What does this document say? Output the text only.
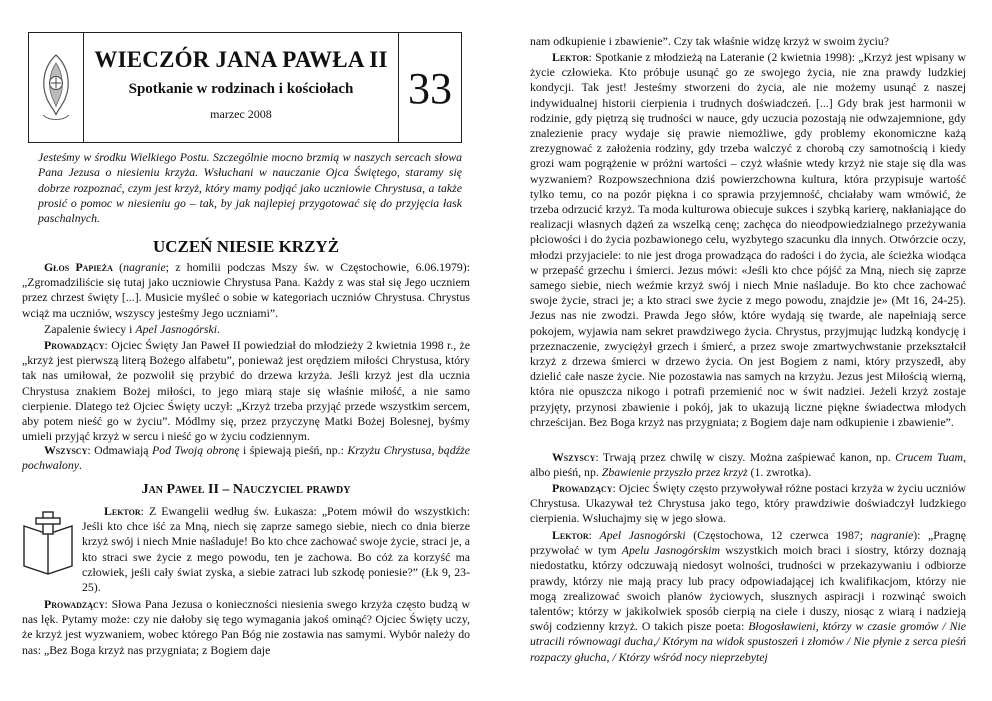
WIECZÓR JANA PAWŁA II
Spotkanie w rodzinach i kościołach
marzec 2008
33
Jesteśmy w środku Wielkiego Postu. Szczególnie mocno brzmią w naszych sercach słowa Pana Jezusa o niesieniu krzyża. Wsłuchani w nauczanie Ojca Świętego, staramy się dobrze rozpoznać, czym jest krzyż, który mamy podjąć jako uczniowie Chrystusa, a także prosić o pomoc w niesieniu go – tak, by jak najlepiej przygotować się do przyjęcia łask paschalnych.
UCZEŃ NIESIE KRZYŻ
Głos Papieża (nagranie; z homilii podczas Mszy św. w Częstochowie, 6.06.1979): „Zgromadziliście się tutaj jako uczniowie Chrystusa Pana. Każdy z was stał się Jego uczniem przez chrzest święty [...]. Musicie myśleć o sobie w kategoriach uczniów Chrystusa. Chrystus wciąż ma uczniów, wszyscy jesteśmy Jego uczniami”.
Zapalenie świecy i Apel Jasnogórski.
Prowadzący: Ojciec Święty Jan Paweł II powiedział do młodzieży 2 kwietnia 1998 r., że „krzyż jest pierwszą literą Bożego alfabetu”, ponieważ jest orędziem miłości Chrystusa, który tak nas umiłował, że pozwolił się przybić do drzewa krzyża. Jeśli krzyż jest dla ucznia Chrystusa znakiem Bożej miłości, to jego miarą staje się właśnie miłość, a nie samo cierpienie. Dlatego też Ojciec Święty uczył: „Krzyż trzeba przyjąć przede wszystkim sercem, aby potem nieść go w życiu”. Módlmy się, przez przyczynę Matki Bożej Bolesnej, byśmy umieli przyjąć krzyż w sercu i nieść go w życiu codziennym.
Wszyscy: Odmawiają Pod Twoją obronę i śpiewają pieśń, np.: Krzyżu Chrystusa, bądźże pochwalony.
Jan Paweł II – Nauczyciel prawdy
Lektor: Z Ewangelii według św. Łukasza: „Potem mówił do wszystkich: Jeśli kto chce iść za Mną, niech się zaprze samego siebie, niech co dnia bierze krzyż swój i niech Mnie naśladuje! Bo kto chce zachować swoje życie, straci je, a kto straci swe życie z mego powodu, ten je zachowa. Bo cóż za korzyść ma człowiek, jeśli cały świat zyska, a siebie zatraci lub szkodę poniesie?” (Łk 9, 23-25).
Prowadzący: Słowa Pana Jezusa o konieczności niesienia swego krzyża często budzą w nas lęk. Pytamy może: czy nie dałoby się tego wymagania jakoś ominąć? Ojciec Święty uczy, że krzyż jest wyzwaniem, wobec którego Pan Bóg nie zostawia nas samymi. Wybór należy do nas: „Bez Boga krzyż nas przygniata; z Bogiem daje
nam odkupienie i zbawienie”. Czy tak właśnie widzę krzyż w swoim życiu?
Lektor: Spotkanie z młodzieżą na Lateranie (2 kwietnia 1998): „Krzyż jest wpisany w życie człowieka. Kto próbuje usunąć go ze swojego życia, nie zna prawdy ludzkiej kondycji. Tak jest! Jesteśmy stworzeni do życia, ale nie możemy usunąć z naszej indywidualnej historii cierpienia i trudnych doświadczeń. [...] Gdy brak jest harmonii w rodzinie, gdy piętrzą się trudności w nauce, gdy uczucia pozostają nie odwzajemnione, gdy znalezienie pracy wydaje się prawie niemożliwe, gdy problemy ekonomiczne każą zrezygnować z założenia rodziny, gdy trzeba walczyć z chorobą czy samotnością i kiedy grozi wam pogrążenie w próżni wartości – czyż właśnie wtedy krzyż nie staje się dla was wyzwaniem? Rozpowszechniona dziś powierzchowna kultura, która przypisuje wartość tylko temu, co na pozór piękna i co sprawia przyjemność, chciałaby wam wmówić, że trzeba odrzucić krzyż. Ta moda kulturowa obiecuje sukces i szybką karierę, nakłaniające do realizacji własnych dążeń za wszelką cenę; zachęca do nieodpowiedzialnego przeżywania płciowości i do życia pozbawionego celu, wyzbytego szacunku dla innych. Otwórzcie oczy, młodzi przyjaciele: to nie jest droga prowadząca do radości i do życia, ale ścieżka wiodąca w przepaść grzechu i śmierci. Jezus mówi: «Jeśli kto chce pójść za Mną, niech się zaprze samego siebie, niech weźmie krzyż swój i niech Mnie naśladuje. Bo kto chce zachować swoje życie, straci je; a kto straci swe życie z mego powodu, znajdzie je» (Mt 16, 24-25). Jezus nas nie zwodzi. Prawda Jego słów, które wydają się twarde, ale napełniają serce pokojem, wyjawia nam sekret prawdziwego życia. Chrystus, przyjmując ludzką kondycję i przeznaczenie, zwyciężył grzech i śmierć, a przez swoje zmartwychwstanie przekształcił krzyż z drzewa śmierci w drzewo życia. On jest Bogiem z nami, który przyszedł, aby dzielić całe nasze życie. Nie pozostawia nas samych na krzyżu. Jezus jest Miłością wierną, która nie opuszcza nikogo i potrafi przemienić noc w świt nadziei. Jeżeli krzyż zostaje przyjęty, przynosi zbawienie i pokój, jak to ukazują liczne piękne świadectwa młodych chrześcijan. Bez Boga krzyż nas przygniata; z Bogiem daje nam odkupienie i zbawienie”.
Wszyscy: Trwają przez chwilę w ciszy. Można zaśpiewać kanon, np. Crucem Tuam, albo pieśń, np. Zbawienie przyszło przez krzyż (1. zwrotka).
Prowadzący: Ojciec Święty często przywoływał różne postaci krzyża w życiu uczniów Chrystusa. Ukazywał też Chrystusa jako tego, który prawdziwie doświadczył ludzkiego cierpienia. Wsłuchajmy się w jego słowa.
Lektor: Apel Jasnogórski (Częstochowa, 12 czerwca 1987; nagranie): „Pragnę przywołać w tym Apelu Jasnogórskim wszystkich moich braci i siostry, którzy doznają niedostatku, którzy odczuwają niedosyt wolności, trudności w przekazywaniu i odbiorze prawdy, którzy nie mają pracy lub pracy odpowiadającej ich kwalifikacjom, którzy nie mogą zrealizować swoich planów życiowych, słusznych aspiracji i rozwinąć swoich talentów; którzy w jakikolwiek sposób cierpią na ciele i duszy, niosąc z wiarą i nadzieją swój codzienny krzyż. O takich pisze poeta: Błogosławieni, którzy w czasie gromów / Nie utracili równowagi ducha,/ Którym na widok spustoszeń i złomów / Nie płynie z serca pieśń rozpaczy głucha, / Którzy wśród nocy nieprzebytej
